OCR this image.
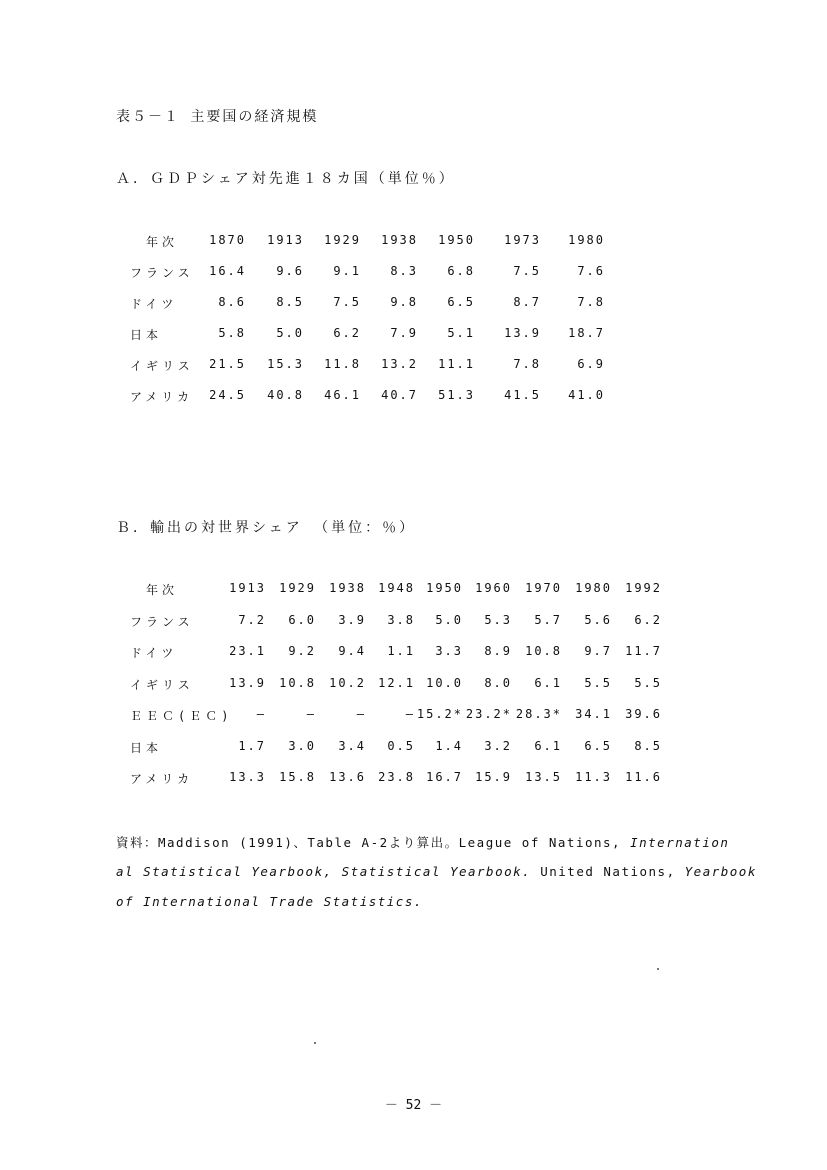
表５－１ 主要国の経済規模
Ａ．ＧＤＰシェア対先進１８カ国（単位％）
年次	1870	1913	1929	1938	1950	1973	1980
フランス	16.4	9.6	9.1	8.3	6.8	7.5	7.6
ドイツ	8.6	8.5	7.5	9.8	6.5	8.7	7.8
日本	5.8	5.0	6.2	7.9	5.1	13.9	18.7
イギリス	21.5	15.3	11.8	13.2	11.1	7.8	6.9
アメリカ	24.5	40.8	46.1	40.7	51.3	41.5	41.0
Ｂ．輸出の対世界シェア （単位：％）
年次	1913	1929	1938	1948 1950	1960	1970	1980	1992
フランス	7.2	6.0	3.9	3.8	5.0	5.3	5.7	5.6	6.2
ドイツ	23.1	9.2	9.4	1.1	3.3	8.9	10.8	9.7	11.7
イギリス	13.9	10.8	10.2	12.1 10.0	8.0	6.1	5.5	5.5
ＥＥＣ(ＥＣ)	—	—	—	— 15.2* 23.2* 28.3*	34.1	39.6
日本	1.7	3.0	3.4	0.5	1.4	3.2	6.1	6.5	8.5
アメリカ	13.3	15.8	13.6	23.8 16.7	15.9	13.5	11.3	11.6
資料：Maddison (1991)、Table A-2より算出。League of Nations, Internation
al Statistical Yearbook, Statistical Yearbook. United Nations, Yearbook
of International Trade Statistics.
－ 52 －
